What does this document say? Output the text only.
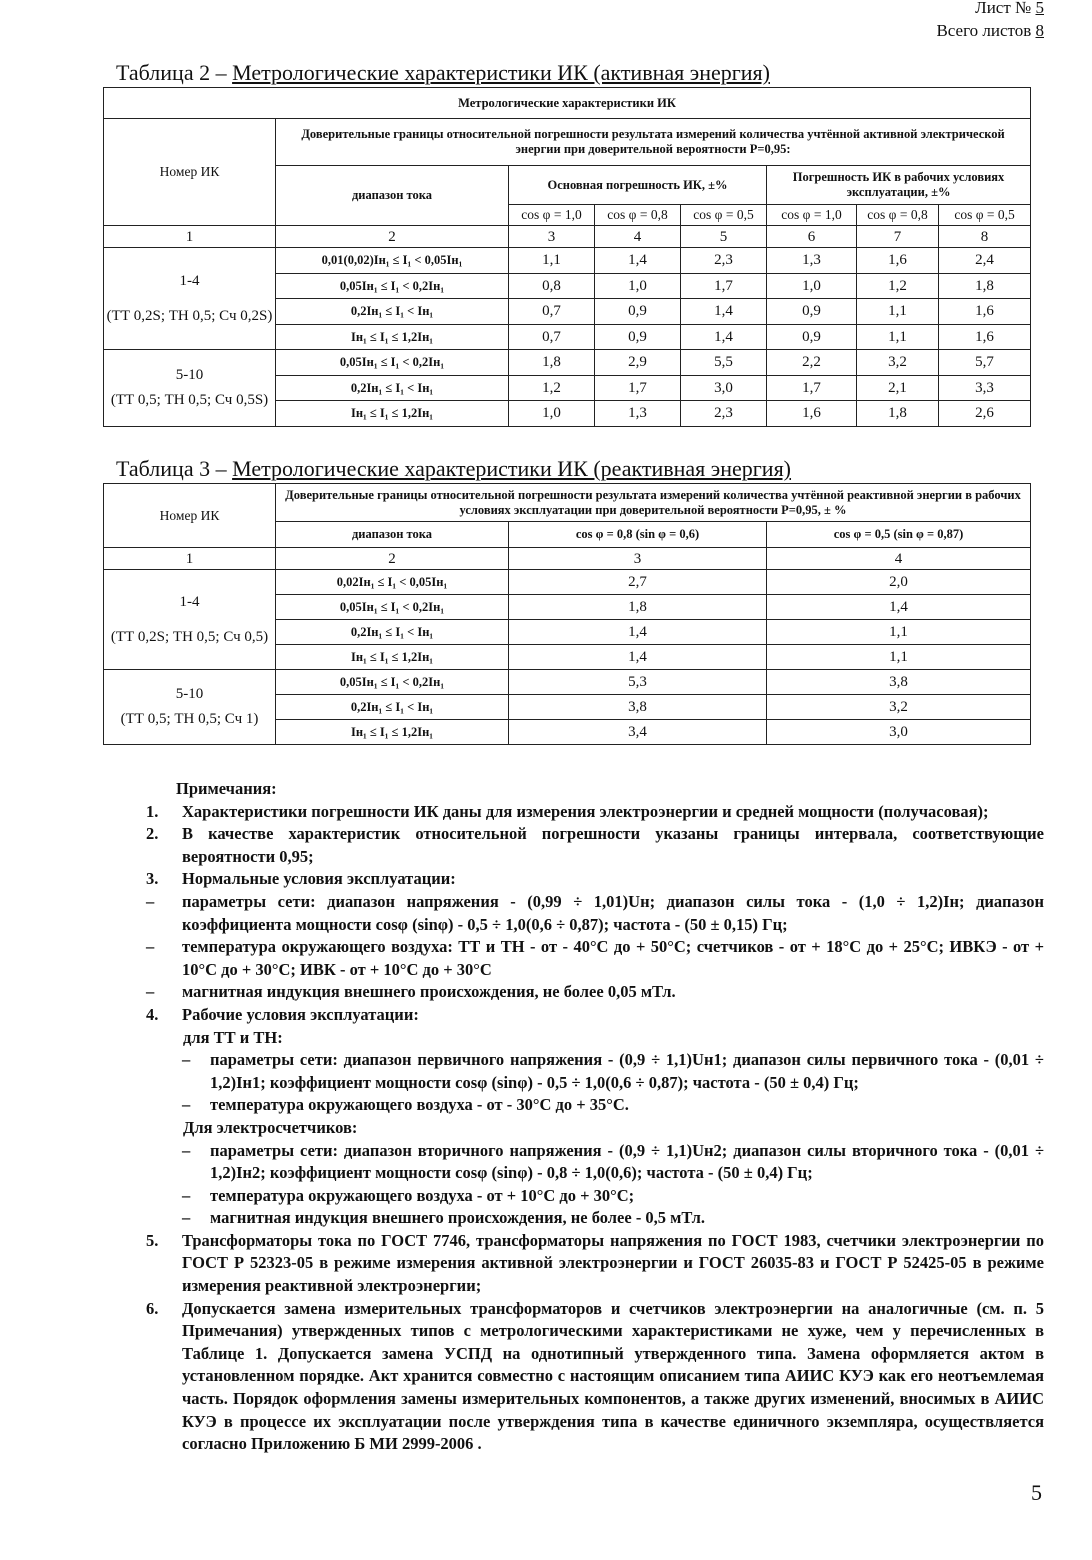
Лист № 5
Всего листов 8
Таблица 2 – Метрологические характеристики ИК (активная энергия)
Метрологические характеристики ИК							
Номер ИК	Доверительные границы относительной погрешности результата измерений количества учтённой активной электрической энергии при доверительной вероятности Р=0,95:						
	диапазон тока	Основная погрешность ИК, ±%			Погрешность ИК в рабочих условиях эксплуатации, ±%		
		cos φ = 1,0	cos φ = 0,8	cos φ = 0,5	cos φ = 1,0	cos φ = 0,8	cos φ = 0,5
1	2	3	4	5	6	7	8

1-4
(ТТ 0,2S; ТН 0,5; Сч 0,2S)	0,01(0,02)Iн₁ ≤ I₁ < 0,05Iн₁	1,1	1,4	2,3	1,3	1,6	2,4
	0,05Iн₁ ≤ I₁ < 0,2Iн₁	0,8	1,0	1,7	1,0	1,2	1,8
	0,2Iн₁ ≤ I₁ < Iн₁	0,7	0,9	1,4	0,9	1,1	1,6
	Iн₁ ≤ I₁ ≤ 1,2Iн₁	0,7	0,9	1,4	0,9	1,1	1,6

5-10
(ТТ 0,5; ТН 0,5; Сч 0,5S)	0,05Iн₁ ≤ I₁ < 0,2Iн₁	1,8	2,9	5,5	2,2	3,2	5,7
	0,2Iн₁ ≤ I₁ < Iн₁	1,2	1,7	3,0	1,7	2,1	3,3
	Iн₁ ≤ I₁ ≤ 1,2Iн₁	1,0	1,3	2,3	1,6	1,8	2,6
Таблица 3 – Метрологические характеристики ИК (реактивная энергия)
Номер ИК	Доверительные границы относительной погрешности результата измерений количества учтённой реактивной энергии в рабочих условиях эксплуатации при доверительной вероятности Р=0,95, ± %		
	диапазон тока	cos φ = 0,8 (sin φ = 0,6)	cos φ = 0,5 (sin φ = 0,87)
1	2	3	4

1-4
(ТТ 0,2S; ТН 0,5; Сч 0,5)	0,02Iн₁ ≤ I₁ < 0,05Iн₁	2,7	2,0
	0,05Iн₁ ≤ I₁ < 0,2Iн₁	1,8	1,4
	0,2Iн₁ ≤ I₁ < Iн₁	1,4	1,1
	Iн₁ ≤ I₁ ≤ 1,2Iн₁	1,4	1,1

5-10
(ТТ 0,5; ТН 0,5; Сч 1)	0,05Iн₁ ≤ I₁ < 0,2Iн₁	5,3	3,8
	0,2Iн₁ ≤ I₁ < Iн₁	3,8	3,2
	Iн₁ ≤ I₁ ≤ 1,2Iн₁	3,4	3,0
Примечания:
1. Характеристики погрешности ИК даны для измерения электроэнергии и средней мощности (получасовая);
2. В качестве характеристик относительной погрешности указаны границы интервала, соответствующие вероятности 0,95;
3. Нормальные условия эксплуатации:
– параметры сети: диапазон напряжения - (0,99 ÷ 1,01)Uн; диапазон силы тока - (1,0 ÷ 1,2)Iн; диапазон коэффициента мощности cosφ (sinφ) - 0,5 ÷ 1,0(0,6 ÷ 0,87); частота - (50 ± 0,15) Гц;
– температура окружающего воздуха: ТТ и ТН - от - 40°С до + 50°С; счетчиков - от + 18°С до + 25°С; ИВКЭ - от + 10°С до + 30°С; ИВК - от + 10°С до + 30°С
– магнитная индукция внешнего происхождения, не более 0,05 мТл.
4. Рабочие условия эксплуатации:
для ТТ и ТН:
– параметры сети: диапазон первичного напряжения - (0,9 ÷ 1,1)Uн1; диапазон силы первичного тока - (0,01 ÷ 1,2)Iн1; коэффициент мощности cosφ (sinφ) - 0,5 ÷ 1,0(0,6 ÷ 0,87); частота - (50 ± 0,4) Гц;
– температура окружающего воздуха - от - 30°С до + 35°С.
Для электросчетчиков:
– параметры сети: диапазон вторичного напряжения - (0,9 ÷ 1,1)Uн2; диапазон силы вторичного тока - (0,01 ÷ 1,2)Iн2; коэффициент мощности cosφ (sinφ) - 0,8 ÷ 1,0(0,6); частота - (50 ± 0,4) Гц;
– температура окружающего воздуха - от + 10°С до + 30°С;
– магнитная индукция внешнего происхождения, не более - 0,5 мТл.
5. Трансформаторы тока по ГОСТ 7746, трансформаторы напряжения по ГОСТ 1983, счетчики электроэнергии по ГОСТ Р 52323-05 в режиме измерения активной электроэнергии и ГОСТ 26035-83 и ГОСТ Р 52425-05 в режиме измерения реактивной электроэнергии;
6. Допускается замена измерительных трансформаторов и счетчиков электроэнергии на аналогичные (см. п. 5 Примечания) утвержденных типов с метрологическими характеристиками не хуже, чем у перечисленных в Таблице 1. Допускается замена УСПД на однотипный утвержденного типа. Замена оформляется актом в установленном порядке. Акт хранится совместно с настоящим описанием типа АИИС КУЭ как его неотъемлемая часть. Порядок оформления замены измерительных компонентов, а также других изменений, вносимых в АИИС КУЭ в процессе их эксплуатации после утверждения типа в качестве единичного экземпляра, осуществляется согласно Приложению Б МИ 2999-2006 .
5
